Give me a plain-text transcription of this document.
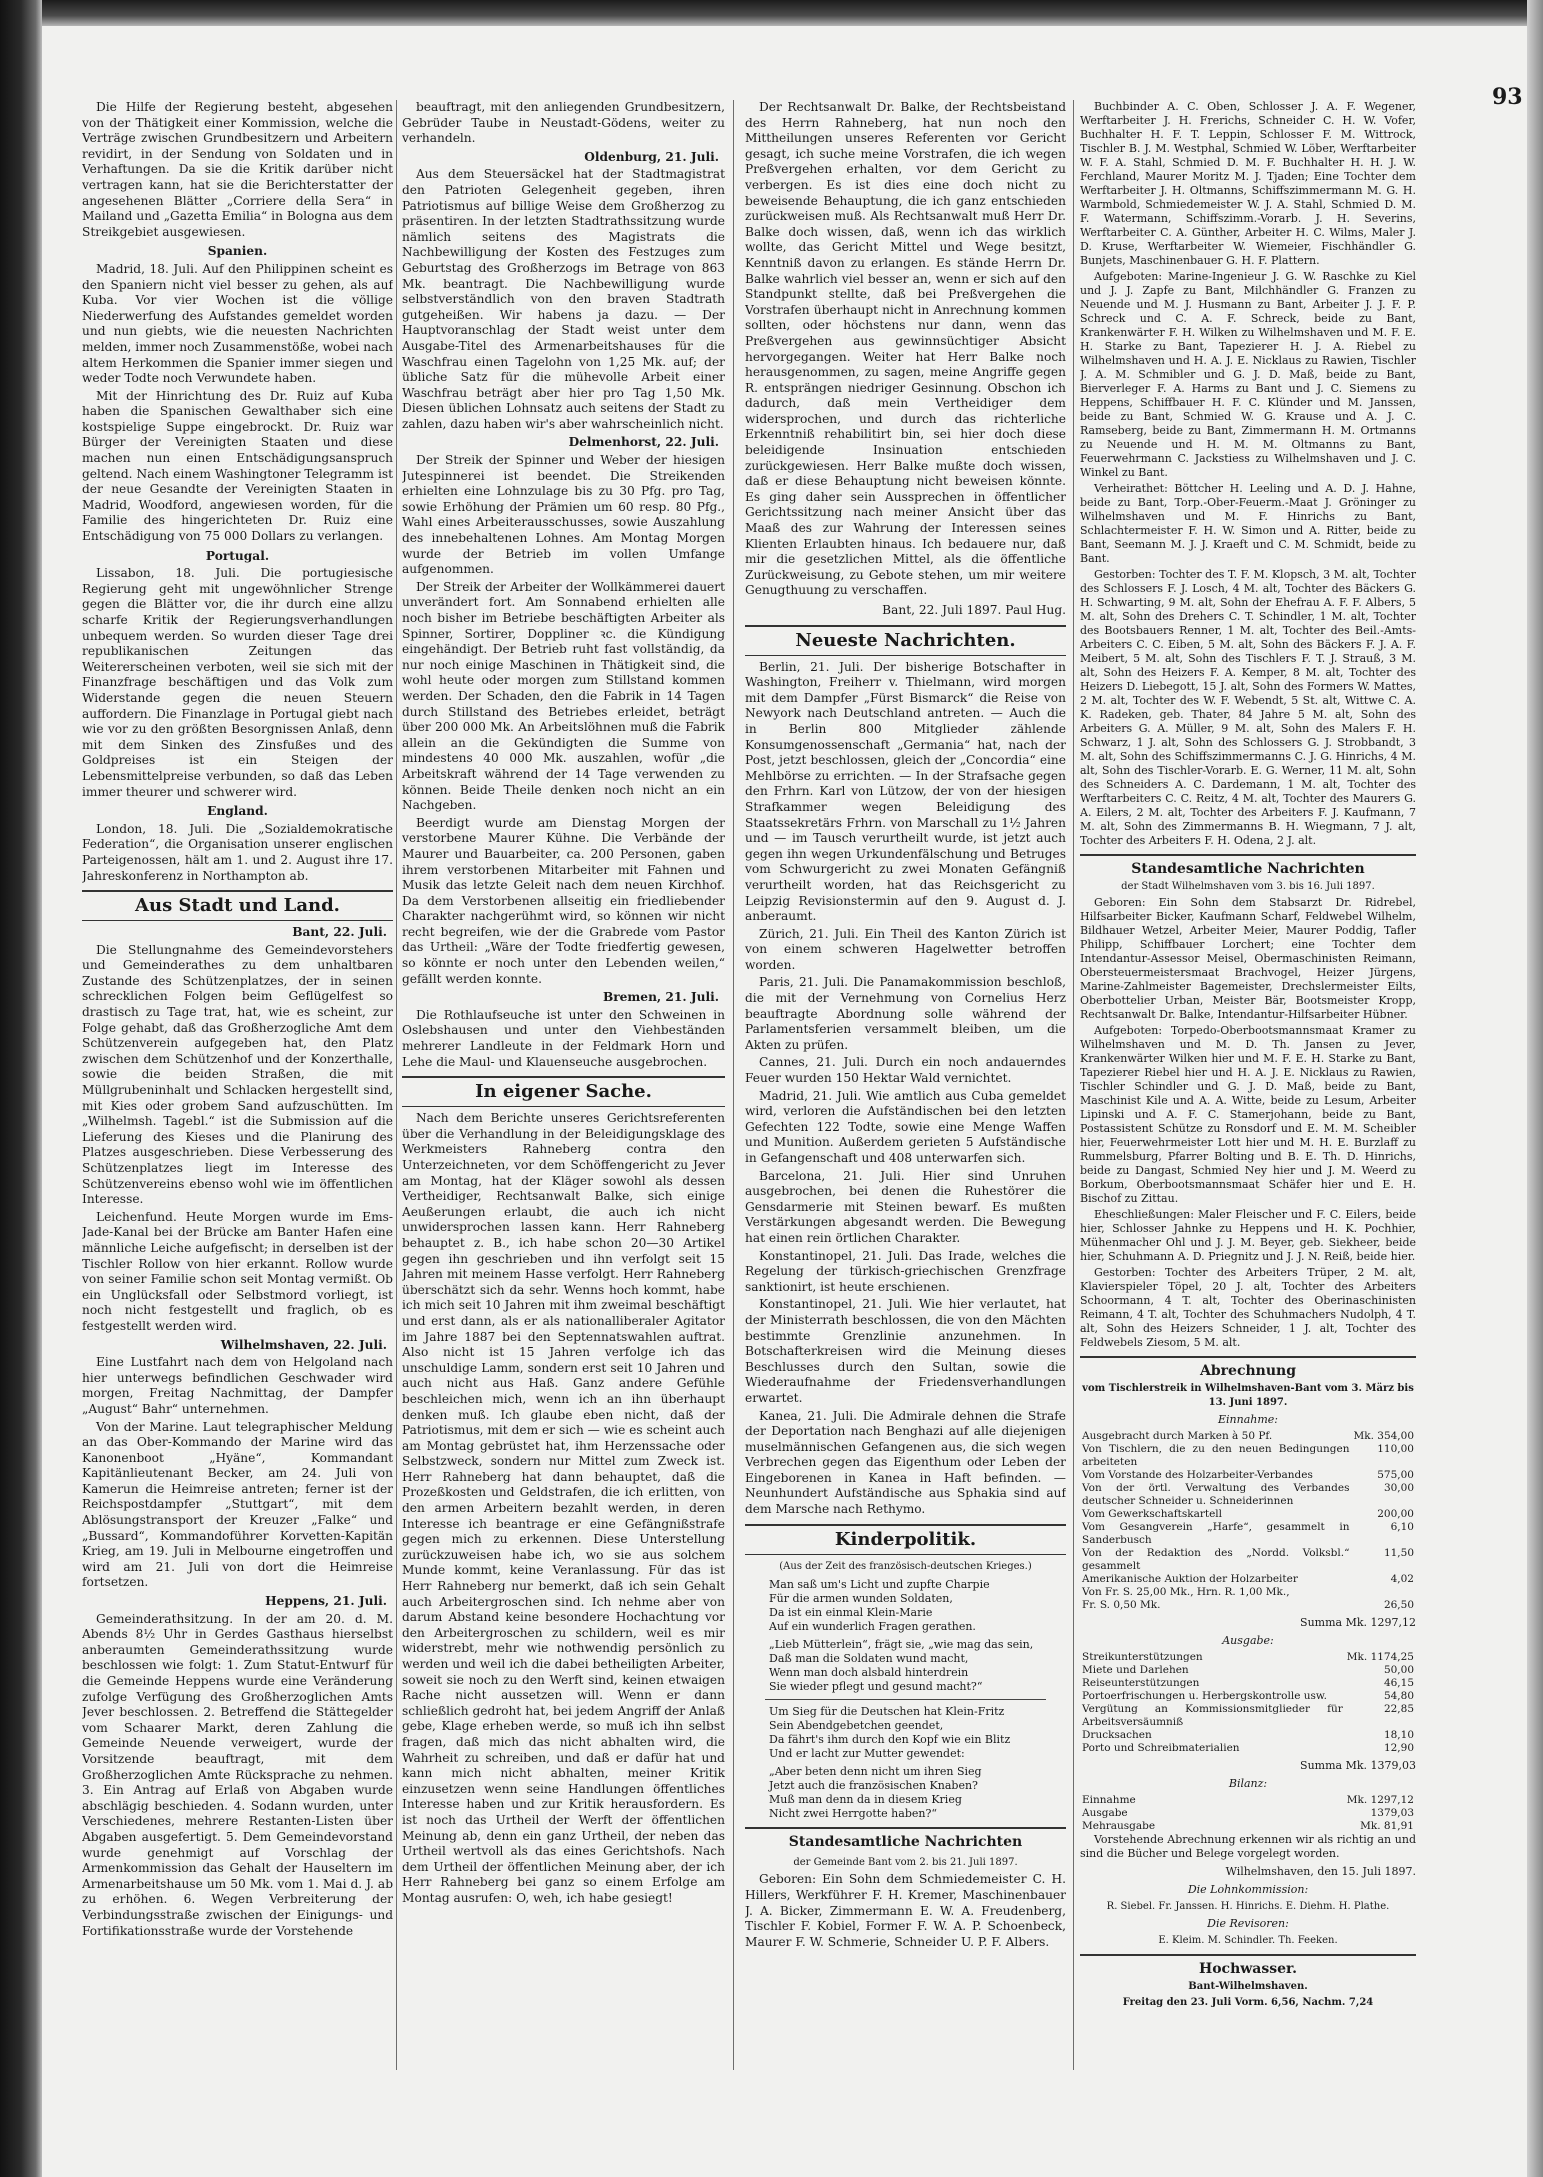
93

Die Hilfe der Regierung besteht, abgesehen von der Thätigkeit einer Kommission, welche die Verträge zwischen Grundbesitzern und Arbeitern revidirt, in der Sendung von Soldaten und in Verhaftungen. Da sie die Kritik darüber nicht vertragen kann, hat sie die Berichterstatter der angesehenen Blätter „Corriere della Sera“ in Mailand und „Gazetta Emilia“ in Bologna aus dem Streikgebiet ausgewiesen.

Spanien.

Madrid, 18. Juli. Auf den Philippinen scheint es den Spaniern nicht viel besser zu gehen, als auf Kuba. Vor vier Wochen ist die völlige Niederwerfung des Aufstandes gemeldet worden und nun giebts, wie die neuesten Nachrichten melden, immer noch Zusammenstöße, wobei nach altem Herkommen die Spanier immer siegen und weder Todte noch Verwundete haben.

Mit der Hinrichtung des Dr. Ruiz auf Kuba haben die Spanischen Gewalthaber sich eine kostspielige Suppe eingebrockt. Dr. Ruiz war Bürger der Vereinigten Staaten und diese machen nun einen Entschädigungsanspruch geltend. Nach einem Washingtoner Telegramm ist der neue Gesandte der Vereinigten Staaten in Madrid, Woodford, angewiesen worden, für die Familie des hingerichteten Dr. Ruiz eine Entschädigung von 75 000 Dollars zu verlangen.

Portugal.

Lissabon, 18. Juli. Die portugiesische Regierung geht mit ungewöhnlicher Strenge gegen die Blätter vor, die ihr durch eine allzu scharfe Kritik der Regierungsverhandlungen unbequem werden. So wurden dieser Tage drei republikanischen Zeitungen das Weitererscheinen verboten, weil sie sich mit der Finanzfrage beschäftigen und das Volk zum Widerstande gegen die neuen Steuern auffordern. Die Finanzlage in Portugal giebt nach wie vor zu den größten Besorgnissen Anlaß, denn mit dem Sinken des Zinsfußes und des Goldpreises ist ein Steigen der Lebensmittelpreise verbunden, so daß das Leben immer theurer und schwerer wird.

England.

London, 18. Juli. Die „Sozialdemokratische Federation“, die Organisation unserer englischen Parteigenossen, hält am 1. und 2. August ihre 17. Jahreskonferenz in Northampton ab.

Aus Stadt und Land.

Bant, 22. Juli.

Die Stellungnahme des Gemeindevorstehers und Gemeinderathes zu dem unhaltbaren Zustande des Schützenplatzes, der in seinen schrecklichen Folgen beim Geflügelfest so drastisch zu Tage trat, hat, wie es scheint, zur Folge gehabt, daß das Großherzogliche Amt dem Schützenverein aufgegeben hat, den Platz zwischen dem Schützenhof und der Konzerthalle, sowie die beiden Straßen, die mit Müllgrubeninhalt und Schlacken hergestellt sind, mit Kies oder grobem Sand aufzuschütten. Im „Wilhelmsh. Tagebl.“ ist die Submission auf die Lieferung des Kieses und die Planirung des Platzes ausgeschrieben. Diese Verbesserung des Schützenplatzes liegt im Interesse des Schützenvereins ebenso wohl wie im öffentlichen Interesse.

Leichenfund. Heute Morgen wurde im Ems-Jade-Kanal bei der Brücke am Banter Hafen eine männliche Leiche aufgefischt; in derselben ist der Tischler Rollow von hier erkannt. Rollow wurde von seiner Familie schon seit Montag vermißt. Ob ein Unglücksfall oder Selbstmord vorliegt, ist noch nicht festgestellt und fraglich, ob es festgestellt werden wird.

Wilhelmshaven, 22. Juli.

Eine Lustfahrt nach dem von Helgoland nach hier unterwegs befindlichen Geschwader wird morgen, Freitag Nachmittag, der Dampfer „August“ Bahr“ unternehmen.

Von der Marine. Laut telegraphischer Meldung an das Ober-Kommando der Marine wird das Kanonenboot „Hyäne“, Kommandant Kapitänlieutenant Becker, am 24. Juli von Kamerun die Heimreise antreten; ferner ist der Reichspostdampfer „Stuttgart“, mit dem Ablösungstransport der Kreuzer „Falke“ und „Bussard“, Kommandoführer Korvetten-Kapitän Krieg, am 19. Juli in Melbourne eingetroffen und wird am 21. Juli von dort die Heimreise fortsetzen.

Heppens, 21. Juli.

Gemeinderathsitzung. In der am 20. d. M. Abends 8½ Uhr in Gerdes Gasthaus hierselbst anberaumten Gemeinderathssitzung wurde beschlossen wie folgt: 1. Zum Statut-Entwurf für die Gemeinde Heppens wurde eine Veränderung zufolge Verfügung des Großherzoglichen Amts Jever beschlossen. 2. Betreffend die Stättegelder vom Schaarer Markt, deren Zahlung die Gemeinde Neuende verweigert, wurde der Vorsitzende beauftragt, mit dem Großherzoglichen Amte Rücksprache zu nehmen. 3. Ein Antrag auf Erlaß von Abgaben wurde abschlägig beschieden. 4. Sodann wurden, unter Verschiedenes, mehrere Restanten-Listen über Abgaben ausgefertigt. 5. Dem Gemeindevorstand wurde genehmigt auf Vorschlag der Armenkommission das Gehalt der Hauseltern im Armenarbeitshause um 50 Mk. vom 1. Mai d. J. ab zu erhöhen. 6. Wegen Verbreiterung der Verbindungsstraße zwischen der Einigungs- und Fortifikationsstraße wurde der Vorstehende

beauftragt, mit den anliegenden Grundbesitzern, Gebrüder Taube in Neustadt-Gödens, weiter zu verhandeln.

Oldenburg, 21. Juli.

Aus dem Steuersäckel hat der Stadtmagistrat den Patrioten Gelegenheit gegeben, ihren Patriotismus auf billige Weise dem Großherzog zu präsentiren. In der letzten Stadtrathssitzung wurde nämlich seitens des Magistrats die Nachbewilligung der Kosten des Festzuges zum Geburtstag des Großherzogs im Betrage von 863 Mk. beantragt. Die Nachbewilligung wurde selbstverständlich von den braven Stadtrath gutgeheißen. Wir habens ja dazu. — Der Hauptvoranschlag der Stadt weist unter dem Ausgabe-Titel des Armenarbeitshauses für die Waschfrau einen Tagelohn von 1,25 Mk. auf; der übliche Satz für die mühevolle Arbeit einer Waschfrau beträgt aber hier pro Tag 1,50 Mk. Diesen üblichen Lohnsatz auch seitens der Stadt zu zahlen, dazu haben wir's aber wahrscheinlich nicht.

Delmenhorst, 22. Juli.

Der Streik der Spinner und Weber der hiesigen Jutespinnerei ist beendet. Die Streikenden erhielten eine Lohnzulage bis zu 30 Pfg. pro Tag, sowie Erhöhung der Prämien um 60 resp. 80 Pfg., Wahl eines Arbeiterausschusses, sowie Auszahlung des innebehaltenen Lohnes. Am Montag Morgen wurde der Betrieb im vollen Umfange aufgenommen.

Der Streik der Arbeiter der Wollkämmerei dauert unverändert fort. Am Sonnabend erhielten alle noch bisher im Betriebe beschäftigten Arbeiter als Spinner, Sortirer, Doppliner ꝛc. die Kündigung eingehändigt. Der Betrieb ruht fast vollständig, da nur noch einige Maschinen in Thätigkeit sind, die wohl heute oder morgen zum Stillstand kommen werden. Der Schaden, den die Fabrik in 14 Tagen durch Stillstand des Betriebes erleidet, beträgt über 200 000 Mk. An Arbeitslöhnen muß die Fabrik allein an die Gekündigten die Summe von mindestens 40 000 Mk. auszahlen, wofür „die Arbeitskraft während der 14 Tage verwenden zu können. Beide Theile denken noch nicht an ein Nachgeben.

Beerdigt wurde am Dienstag Morgen der verstorbene Maurer Kühne. Die Verbände der Maurer und Bauarbeiter, ca. 200 Personen, gaben ihrem verstorbenen Mitarbeiter mit Fahnen und Musik das letzte Geleit nach dem neuen Kirchhof. Da dem Verstorbenen allseitig ein friedliebender Charakter nachgerühmt wird, so können wir nicht recht begreifen, wie der die Grabrede vom Pastor das Urtheil: „Wäre der Todte friedfertig gewesen, so könnte er noch unter den Lebenden weilen,“ gefällt werden konnte.

Bremen, 21. Juli.

Die Rothlaufseuche ist unter den Schweinen in Oslebshausen und unter den Viehbeständen mehrerer Landleute in der Feldmark Horn und Lehe die Maul- und Klauenseuche ausgebrochen.

In eigener Sache.

Nach dem Berichte unseres Gerichtsreferenten über die Verhandlung in der Beleidigungsklage des Werkmeisters Rahneberg contra den Unterzeichneten, vor dem Schöffengericht zu Jever am Montag, hat der Kläger sowohl als dessen Vertheidiger, Rechtsanwalt Balke, sich einige Aeußerungen erlaubt, die auch ich nicht unwidersprochen lassen kann. Herr Rahneberg behauptet z. B., ich habe schon 20—30 Artikel gegen ihn geschrieben und ihn verfolgt seit 15 Jahren mit meinem Hasse verfolgt. Herr Rahneberg überschätzt sich da sehr. Wenns hoch kommt, habe ich mich seit 10 Jahren mit ihm zweimal beschäftigt und erst dann, als er als nationalliberaler Agitator im Jahre 1887 bei den Septennatswahlen auftrat. Also nicht ist 15 Jahren verfolge ich das unschuldige Lamm, sondern erst seit 10 Jahren und auch nicht aus Haß. Ganz andere Gefühle beschleichen mich, wenn ich an ihn überhaupt denken muß. Ich glaube eben nicht, daß der Patriotismus, mit dem er sich — wie es scheint auch am Montag gebrüstet hat, ihm Herzenssache oder Selbstzweck, sondern nur Mittel zum Zweck ist. Herr Rahneberg hat dann behauptet, daß die Prozeßkosten und Geldstrafen, die ich erlitten, von den armen Arbeitern bezahlt werden, in deren Interesse ich beantrage er eine Gefängnißstrafe gegen mich zu erkennen. Diese Unterstellung zurückzuweisen habe ich, wo sie aus solchem Munde kommt, keine Veranlassung. Für das ist Herr Rahneberg nur bemerkt, daß ich sein Gehalt auch Arbeitergroschen sind. Ich nehme aber von darum Abstand keine besondere Hochachtung vor den Arbeitergroschen zu schildern, weil es mir widerstrebt, mehr wie nothwendig persönlich zu werden und weil ich die dabei betheiligten Arbeiter, soweit sie noch zu den Werft sind, keinen etwaigen Rache nicht aussetzen will. Wenn er dann schließlich gedroht hat, bei jedem Angriff der Anlaß gebe, Klage erheben werde, so muß ich ihn selbst fragen, daß mich das nicht abhalten wird, die Wahrheit zu schreiben, und daß er dafür hat und kann mich nicht abhalten, meiner Kritik einzusetzen wenn seine Handlungen öffentliches Interesse haben und zur Kritik herausfordern. Es ist noch das Urtheil der Werft der öffentlichen Meinung ab, denn ein ganz Urtheil, der neben das Urtheil wertvoll als das eines Gerichtshofs. Nach dem Urtheil der öffentlichen Meinung aber, der ich Herr Rahneberg bei ganz so einem Erfolge am Montag ausrufen: O, weh, ich habe gesiegt!

Der Rechtsanwalt Dr. Balke, der Rechtsbeistand des Herrn Rahneberg, hat nun noch den Mittheilungen unseres Referenten vor Gericht gesagt, ich suche meine Vorstrafen, die ich wegen Preßvergehen erhalten, vor dem Gericht zu verbergen. Es ist dies eine doch nicht zu beweisende Behauptung, die ich ganz entschieden zurückweisen muß. Als Rechtsanwalt muß Herr Dr. Balke doch wissen, daß, wenn ich das wirklich wollte, das Gericht Mittel und Wege besitzt, Kenntniß davon zu erlangen. Es stände Herrn Dr. Balke wahrlich viel besser an, wenn er sich auf den Standpunkt stellte, daß bei Preßvergehen die Vorstrafen überhaupt nicht in Anrechnung kommen sollten, oder höchstens nur dann, wenn das Preßvergehen aus gewinnsüchtiger Absicht hervorgegangen. Weiter hat Herr Balke noch herausgenommen, zu sagen, meine Angriffe gegen R. entsprängen niedriger Gesinnung. Obschon ich dadurch, daß mein Vertheidiger dem widersprochen, und durch das richterliche Erkenntniß rehabilitirt bin, sei hier doch diese beleidigende Insinuation entschieden zurückgewiesen. Herr Balke mußte doch wissen, daß er diese Behauptung nicht beweisen könnte. Es ging daher sein Aussprechen in öffentlicher Gerichtssitzung nach meiner Ansicht über das Maaß des zur Wahrung der Interessen seines Klienten Erlaubten hinaus. Ich bedauere nur, daß mir die gesetzlichen Mittel, als die öffentliche Zurückweisung, zu Gebote stehen, um mir weitere Genugthuung zu verschaffen.

Bant, 22. Juli 1897. Paul Hug.

Neueste Nachrichten.

Berlin, 21. Juli. Der bisherige Botschafter in Washington, Freiherr v. Thielmann, wird morgen mit dem Dampfer „Fürst Bismarck“ die Reise von Newyork nach Deutschland antreten. — Auch die in Berlin 800 Mitglieder zählende Konsumgenossenschaft „Germania“ hat, nach der Post, jetzt beschlossen, gleich der „Concordia“ eine Mehlbörse zu errichten. — In der Strafsache gegen den Frhrn. Karl von Lützow, der von der hiesigen Strafkammer wegen Beleidigung des Staatssekretärs Frhrn. von Marschall zu 1½ Jahren und — im Tausch verurtheilt wurde, ist jetzt auch gegen ihn wegen Urkundenfälschung und Betruges vom Schwurgericht zu zwei Monaten Gefängniß verurtheilt worden, hat das Reichsgericht zu Leipzig Revisionstermin auf den 9. August d. J. anberaumt.

Zürich, 21. Juli. Ein Theil des Kanton Zürich ist von einem schweren Hagelwetter betroffen worden.

Paris, 21. Juli. Die Panamakommission beschloß, die mit der Vernehmung von Cornelius Herz beauftragte Abordnung solle während der Parlamentsferien versammelt bleiben, um die Akten zu prüfen.

Cannes, 21. Juli. Durch ein noch andauerndes Feuer wurden 150 Hektar Wald vernichtet.

Madrid, 21. Juli. Wie amtlich aus Cuba gemeldet wird, verloren die Aufständischen bei den letzten Gefechten 122 Todte, sowie eine Menge Waffen und Munition. Außerdem gerieten 5 Aufständische in Gefangenschaft und 408 unterwarfen sich.

Barcelona, 21. Juli. Hier sind Unruhen ausgebrochen, bei denen die Ruhestörer die Gensdarmerie mit Steinen bewarf. Es mußten Verstärkungen abgesandt werden. Die Bewegung hat einen rein örtlichen Charakter.

Konstantinopel, 21. Juli. Das Irade, welches die Regelung der türkisch-griechischen Grenzfrage sanktionirt, ist heute erschienen.

Konstantinopel, 21. Juli. Wie hier verlautet, hat der Ministerrath beschlossen, die von den Mächten bestimmte Grenzlinie anzunehmen. In Botschafterkreisen wird die Meinung dieses Beschlusses durch den Sultan, sowie die Wiederaufnahme der Friedensverhandlungen erwartet.

Kanea, 21. Juli. Die Admirale dehnen die Strafe der Deportation nach Benghazi auf alle diejenigen muselmännischen Gefangenen aus, die sich wegen Verbrechen gegen das Eigenthum oder Leben der Eingeborenen in Kanea in Haft befinden. — Neunhundert Aufständische aus Sphakia sind auf dem Marsche nach Rethymo.

Kinderpolitik.

(Aus der Zeit des französisch-deutschen Krieges.)

Man saß um's Licht und zupfte Charpie
Für die armen wunden Soldaten,
Da ist ein einmal Klein-Marie
Auf ein wunderlich Fragen gerathen.

„Lieb Mütterlein“, frägt sie, „wie mag das sein,
Daß man die Soldaten wund macht,
Wenn man doch alsbald hinterdrein
Sie wieder pflegt und gesund macht?“

Um Sieg für die Deutschen hat Klein-Fritz
Sein Abendgebetchen geendet,
Da fährt's ihm durch den Kopf wie ein Blitz
Und er lacht zur Mutter gewendet:

„Aber beten denn nicht um ihren Sieg
Jetzt auch die französischen Knaben?
Muß man denn da in diesem Krieg
Nicht zwei Herrgotte haben?“

Standesamtliche Nachrichten

der Gemeinde Bant vom 2. bis 21. Juli 1897.

Geboren: Ein Sohn dem Schmiedemeister C. H. Hillers, Werkführer F. H. Kremer, Maschinenbauer J. A. Bicker, Zimmermann E. W. A. Freudenberg, Tischler F. Kobiel, Former F. W. A. P. Schoenbeck, Maurer F. W. Schmerie, Schneider U. P. F. Albers.

Buchbinder A. C. Oben, Schlosser J. A. F. Wegener, Werftarbeiter J. H. Frerichs, Schneider C. H. W. Vofer, Buchhalter H. F. T. Leppin, Schlosser F. M. Wittrock, Tischler B. J. M. Westphal, Schmied W. Löber, Werftarbeiter W. F. A. Stahl, Schmied D. M. F. Buchhalter H. H. J. W. Ferchland, Maurer Moritz M. J. Tjaden; Eine Tochter dem Werftarbeiter J. H. Oltmanns, Schiffszimmermann M. G. H. Warmbold, Schmiedemeister W. J. A. Stahl, Schmied D. M. F. Watermann, Schiffszimm.-Vorarb. J. H. Severins, Werftarbeiter C. A. Günther, Arbeiter H. C. Wilms, Maler J. D. Kruse, Werftarbeiter W. Wiemeier, Fischhändler G. Bunjets, Maschinenbauer G. H. F. Plattern.

Aufgeboten: Marine-Ingenieur J. G. W. Raschke zu Kiel und J. J. Zapfe zu Bant, Milchhändler G. Franzen zu Neuende und M. J. Husmann zu Bant, Arbeiter J. J. F. P. Schreck und C. A. F. Schreck, beide zu Bant, Krankenwärter F. H. Wilken zu Wilhelmshaven und M. F. E. H. Starke zu Bant, Tapezierer H. J. A. Riebel zu Wilhelmshaven und H. A. J. E. Nicklaus zu Rawien, Tischler J. A. M. Schmibler und G. J. D. Maß, beide zu Bant, Bierverleger F. A. Harms zu Bant und J. C. Siemens zu Heppens, Schiffbauer H. F. C. Klünder und M. Janssen, beide zu Bant, Schmied W. G. Krause und A. J. C. Ramseberg, beide zu Bant, Zimmermann H. M. Ortmanns zu Neuende und H. M. M. Oltmanns zu Bant, Feuerwehrmann C. Jackstiess zu Wilhelmshaven und J. C. Winkel zu Bant.

Verheirathet: Böttcher H. Leeling und A. D. J. Hahne, beide zu Bant, Torp.-Ober-Feuerm.-Maat J. Gröninger zu Wilhelmshaven und M. F. Hinrichs zu Bant, Schlachtermeister F. H. W. Simon und A. Ritter, beide zu Bant, Seemann M. J. J. Kraeft und C. M. Schmidt, beide zu Bant.

Gestorben: Tochter des T. F. M. Klopsch, 3 M. alt, Tochter des Schlossers F. J. Losch, 4 M. alt, Tochter des Bäckers G. H. Schwarting, 9 M. alt, Sohn der Ehefrau A. F. F. Albers, 5 M. alt, Sohn des Drehers C. T. Schindler, 1 M. alt, Tochter des Bootsbauers Renner, 1 M. alt, Tochter des Beil.-Amts-Arbeiters C. C. Eiben, 5 M. alt, Sohn des Bäckers F. J. A. F. Meibert, 5 M. alt, Sohn des Tischlers F. T. J. Strauß, 3 M. alt, Sohn des Heizers F. A. Kemper, 8 M. alt, Tochter des Heizers D. Liebegott, 15 J. alt, Sohn des Formers W. Mattes, 2 M. alt, Tochter des W. F. Webendt, 5 St. alt, Wittwe C. A. K. Radeken, geb. Thater, 84 Jahre 5 M. alt, Sohn des Arbeiters G. A. Müller, 9 M. alt, Sohn des Malers F. H. Schwarz, 1 J. alt, Sohn des Schlossers G. J. Strobbandt, 3 M. alt, Sohn des Schiffszimmermanns C. J. G. Hinrichs, 4 M. alt, Sohn des Tischler-Vorarb. E. G. Werner, 11 M. alt, Sohn des Schneiders A. C. Dardemann, 1 M. alt, Tochter des Werftarbeiters C. C. Reitz, 4 M. alt, Tochter des Maurers G. A. Eilers, 2 M. alt, Tochter des Arbeiters F. J. Kaufmann, 7 M. alt, Sohn des Zimmermanns B. H. Wiegmann, 7 J. alt, Tochter des Arbeiters F. H. Odena, 2 J. alt.

Standesamtliche Nachrichten

der Stadt Wilhelmshaven vom 3. bis 16. Juli 1897.

Geboren: Ein Sohn dem Stabsarzt Dr. Ridrebel, Hilfsarbeiter Bicker, Kaufmann Scharf, Feldwebel Wilhelm, Bildhauer Wetzel, Arbeiter Meier, Maurer Poddig, Tafler Philipp, Schiffbauer Lorchert; eine Tochter dem Intendantur-Assessor Meisel, Obermaschinisten Reimann, Obersteuermeistersmaat Brachvogel, Heizer Jürgens, Marine-Zahlmeister Bagemeister, Drechslermeister Eilts, Oberbottelier Urban, Meister Bär, Bootsmeister Kropp, Rechtsanwalt Dr. Balke, Intendantur-Hilfsarbeiter Hübner.

Aufgeboten: Torpedo-Oberbootsmannsmaat Kramer zu Wilhelmshaven und M. D. Th. Jansen zu Jever, Krankenwärter Wilken hier und M. F. E. H. Starke zu Bant, Tapezierer Riebel hier und H. A. J. E. Nicklaus zu Rawien, Tischler Schindler und G. J. D. Maß, beide zu Bant, Maschinist Kile und A. A. Witte, beide zu Lesum, Arbeiter Lipinski und A. F. C. Stamerjohann, beide zu Bant, Postassistent Schütze zu Ronsdorf und E. M. M. Scheibler hier, Feuerwehrmeister Lott hier und M. H. E. Burzlaff zu Rummelsburg, Pfarrer Bolting und B. E. Th. D. Hinrichs, beide zu Dangast, Schmied Ney hier und J. M. Weerd zu Borkum, Oberbootsmannsmaat Schäfer hier und E. H. Bischof zu Zittau.

Eheschließungen: Maler Fleischer und F. C. Eilers, beide hier, Schlosser Jahnke zu Heppens und H. K. Pochhier, Mühenmacher Ohl und J. J. M. Beyer, geb. Siekheer, beide hier, Schuhmann A. D. Priegnitz und J. J. N. Reiß, beide hier.

Gestorben: Tochter des Arbeiters Trüper, 2 M. alt, Klavierspieler Töpel, 20 J. alt, Tochter des Arbeiters Schoormann, 4 T. alt, Tochter des Oberinaschinisten Reimann, 4 T. alt, Tochter des Schuhmachers Nudolph, 4 T. alt, Sohn des Heizers Schneider, 1 J. alt, Tochter des Feldwebels Ziesom, 5 M. alt.

Abrechnung

vom Tischlerstreik in Wilhelmshaven-Bant vom 3. März bis 13. Juni 1897.

Einnahme:

Ausgebracht durch Marken à 50 Pf.	Mk. 354,00
Von Tischlern, die zu den neuen Bedingungen arbeiteten	110,00
Vom Vorstande des Holzarbeiter-Verbandes	575,00
Von der örtl. Verwaltung des Verbandes deutscher Schneider u. Schneiderinnen	30,00
Vom Gewerkschaftskartell	200,00
Vom Gesangverein „Harfe“, gesammelt in Sanderbusch	6,10
Von der Redaktion des „Nordd. Volksbl.“ gesammelt	11,50
Amerikanische Auktion der Holzarbeiter	4,02
Von Fr. S. 25,00 Mk., Hrn. R. 1,00 Mk.,	
Fr. S. 0,50 Mk.	26,50

Summa Mk. 1297,12

Ausgabe:

Streikunterstützungen	Mk. 1174,25
Miete und Darlehen	50,00
Reiseunterstützungen	46,15
Portoerfrischungen u. Herbergskontrolle usw.	54,80
Vergütung an Kommissionsmitglieder für Arbeitsversäumniß	22,85
Drucksachen	18,10
Porto und Schreibmaterialien	12,90

Summa Mk. 1379,03

Bilanz:

Einnahme	Mk. 1297,12
Ausgabe	1379,03
Mehrausgabe	Mk. 81,91

Vorstehende Abrechnung erkennen wir als richtig an und sind die Bücher und Belege vorgelegt worden.

Wilhelmshaven, den 15. Juli 1897.

Die Lohnkommission:

R. Siebel. Fr. Janssen. H. Hinrichs. E. Diehm. H. Plathe.

Die Revisoren:

E. Kleim. M. Schindler. Th. Feeken.

Hochwasser.

Bant-Wilhelmshaven.

Freitag den 23. Juli Vorm. 6,56, Nachm. 7,24
